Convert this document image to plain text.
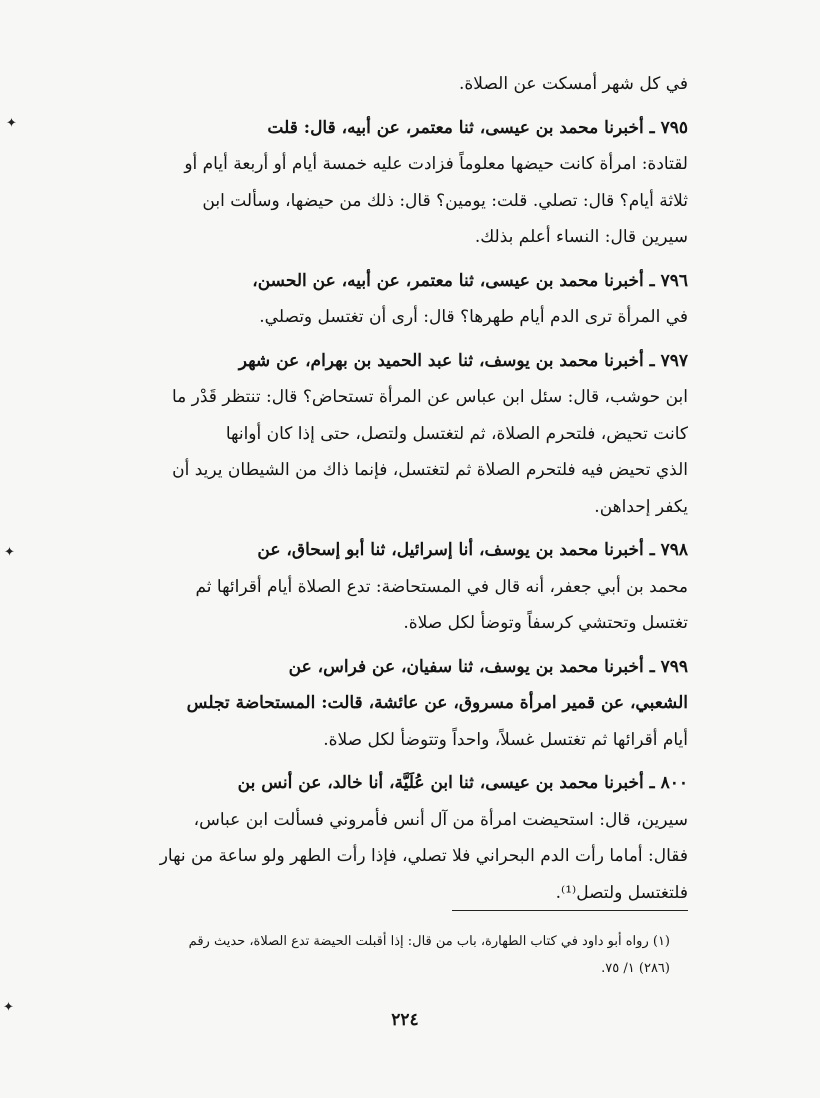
في كل شهر أمسكت عن الصلاة.
٧٩٥ ـ أخبرنا محمد بن عيسى، ثنا معتمر، عن أبيه، قال: قلت
لقتادة: امرأة كانت حيضها معلوماً فزادت عليه خمسة أيام أو أربعة أيام أو
ثلاثة أيام؟ قال: تصلي. قلت: يومين؟ قال: ذلك من حيضها، وسألت ابن
سيرين قال: النساء أعلم بذلك.
٧٩٦ ـ أخبرنا محمد بن عيسى، ثنا معتمر، عن أبيه، عن الحسن،
في المرأة ترى الدم أيام طهرها؟ قال: أرى أن تغتسل وتصلي.
٧٩٧ ـ أخبرنا محمد بن يوسف، ثنا عبد الحميد بن بهرام، عن شهر
ابن حوشب، قال: سئل ابن عباس عن المرأة تستحاض؟ قال: تنتظر قَدْر ما
كانت تحيض، فلتحرم الصلاة، ثم لتغتسل ولتصل، حتى إذا كان أوانها
الذي تحيض فيه فلتحرم الصلاة ثم لتغتسل، فإنما ذاك من الشيطان يريد أن
يكفر إحداهن.
٧٩٨ ـ أخبرنا محمد بن يوسف، أنا إسرائيل، ثنا أبو إسحاق، عن
محمد بن أبي جعفر، أنه قال في المستحاضة: تدع الصلاة أيام أقرائها ثم
تغتسل وتحتشي كرسفاً وتوضأ لكل صلاة.
٧٩٩ ـ أخبرنا محمد بن يوسف، ثنا سفيان، عن فراس، عن
الشعبي، عن قمير امرأة مسروق، عن عائشة، قالت: المستحاضة تجلس
أيام أقرائها ثم تغتسل غسلاً، واحداً وتتوضأ لكل صلاة.
٨٠٠ ـ أخبرنا محمد بن عيسى، ثنا ابن عُلَيَّة، أنا خالد، عن أنس بن
سيرين، قال: استحيضت امرأة من آل أنس فأمروني فسألت ابن عباس،
فقال: أماما رأت الدم البحراني فلا تصلي، فإذا رأت الطهر ولو ساعة من نهار
فلتغتسل ولتصل⁽¹⁾.
(١) رواه أبو داود في كتاب الطهارة، باب من قال: إذا أقبلت الحيضة تدع الصلاة، حديث رقم
(٢٨٦) ١/ ٧٥.
٢٢٤
✦
✦
✦
